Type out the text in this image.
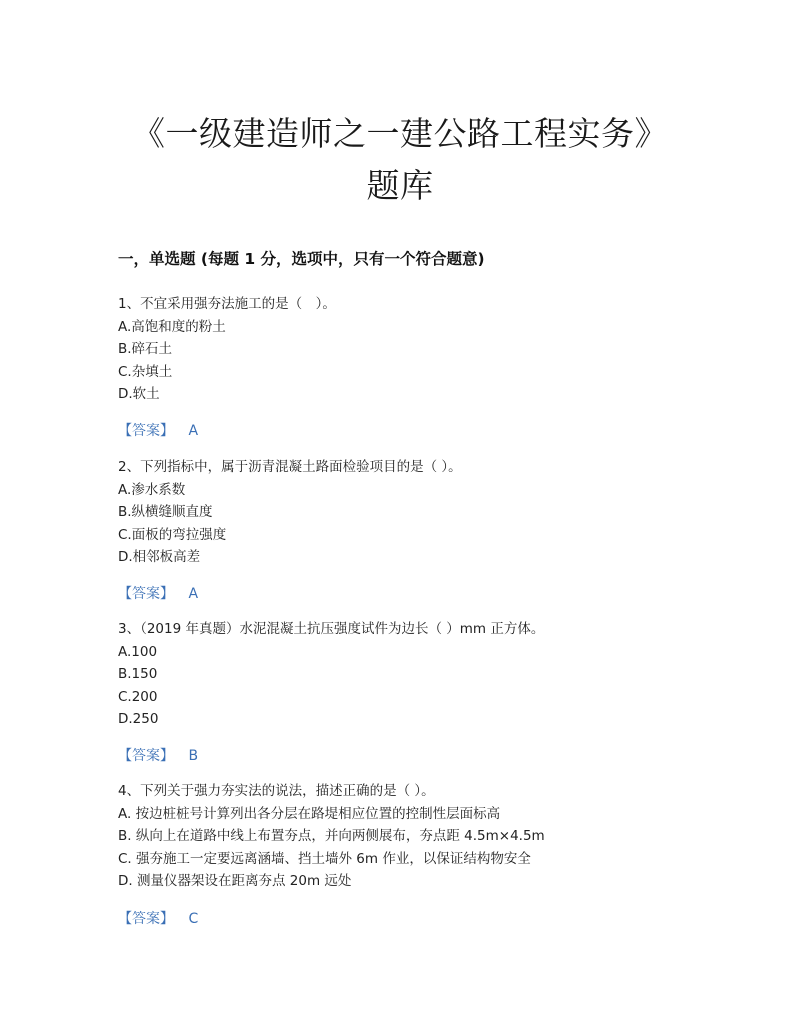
《一级建造师之一建公路工程实务》
题库
一，单选题 (每题 1 分，选项中，只有一个符合题意)
1、不宜采用强夯法施工的是（　）。
A.高饱和度的粉土
B.碎石土
C.杂填土
D.软土
【答案】 A
2、下列指标中，属于沥青混凝土路面检验项目的是（ ）。
A.渗水系数
B.纵横缝顺直度
C.面板的弯拉强度
D.相邻板高差
【答案】 A
3、（2019 年真题）水泥混凝土抗压强度试件为边长（ ）mm 正方体。
A.100
B.150
C.200
D.250
【答案】 B
4、下列关于强力夯实法的说法，描述正确的是（ ）。
A. 按边桩桩号计算列出各分层在路堤相应位置的控制性层面标高
B. 纵向上在道路中线上布置夯点，并向两侧展布，夯点距 4.5m×4.5m
C. 强夯施工一定要远离涵墙、挡土墙外 6m 作业，以保证结构物安全
D. 测量仪器架设在距离夯点 20m 远处
【答案】 C
